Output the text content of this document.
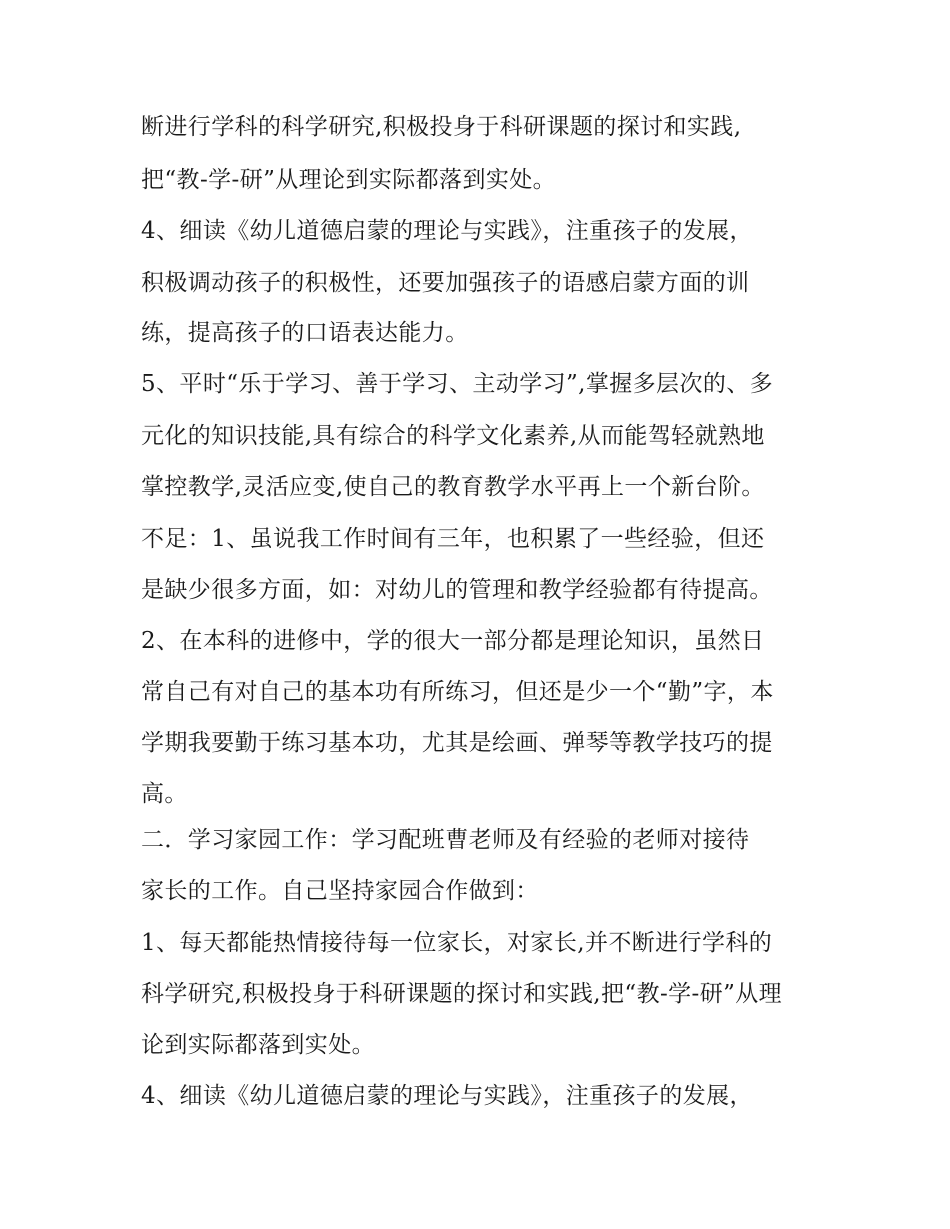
断进行学科的科学研究,积极投身于科研课题的探讨和实践,

把“教-学-研”从理论到实际都落到实处。

4、细读《幼儿道德启蒙的理论与实践》，注重孩子的发展，

积极调动孩子的积极性，还要加强孩子的语感启蒙方面的训

练，提高孩子的口语表达能力。

5、平时“乐于学习、善于学习、主动学习”,掌握多层次的、多

元化的知识技能,具有综合的科学文化素养,从而能驾轻就熟地

掌控教学,灵活应变,使自己的教育教学水平再上一个新台阶。

不足：1、虽说我工作时间有三年，也积累了一些经验，但还

是缺少很多方面，如：对幼儿的管理和教学经验都有待提高。

2、在本科的进修中，学的很大一部分都是理论知识，虽然日

常自己有对自己的基本功有所练习，但还是少一个“勤”字，本

学期我要勤于练习基本功，尤其是绘画、弹琴等教学技巧的提

高。

二．学习家园工作：学习配班曹老师及有经验的老师对接待

家长的工作。自己坚持家园合作做到：

1、每天都能热情接待每一位家长，对家长,并不断进行学科的

科学研究,积极投身于科研课题的探讨和实践,把“教-学-研”从理

论到实际都落到实处。

4、细读《幼儿道德启蒙的理论与实践》，注重孩子的发展，
